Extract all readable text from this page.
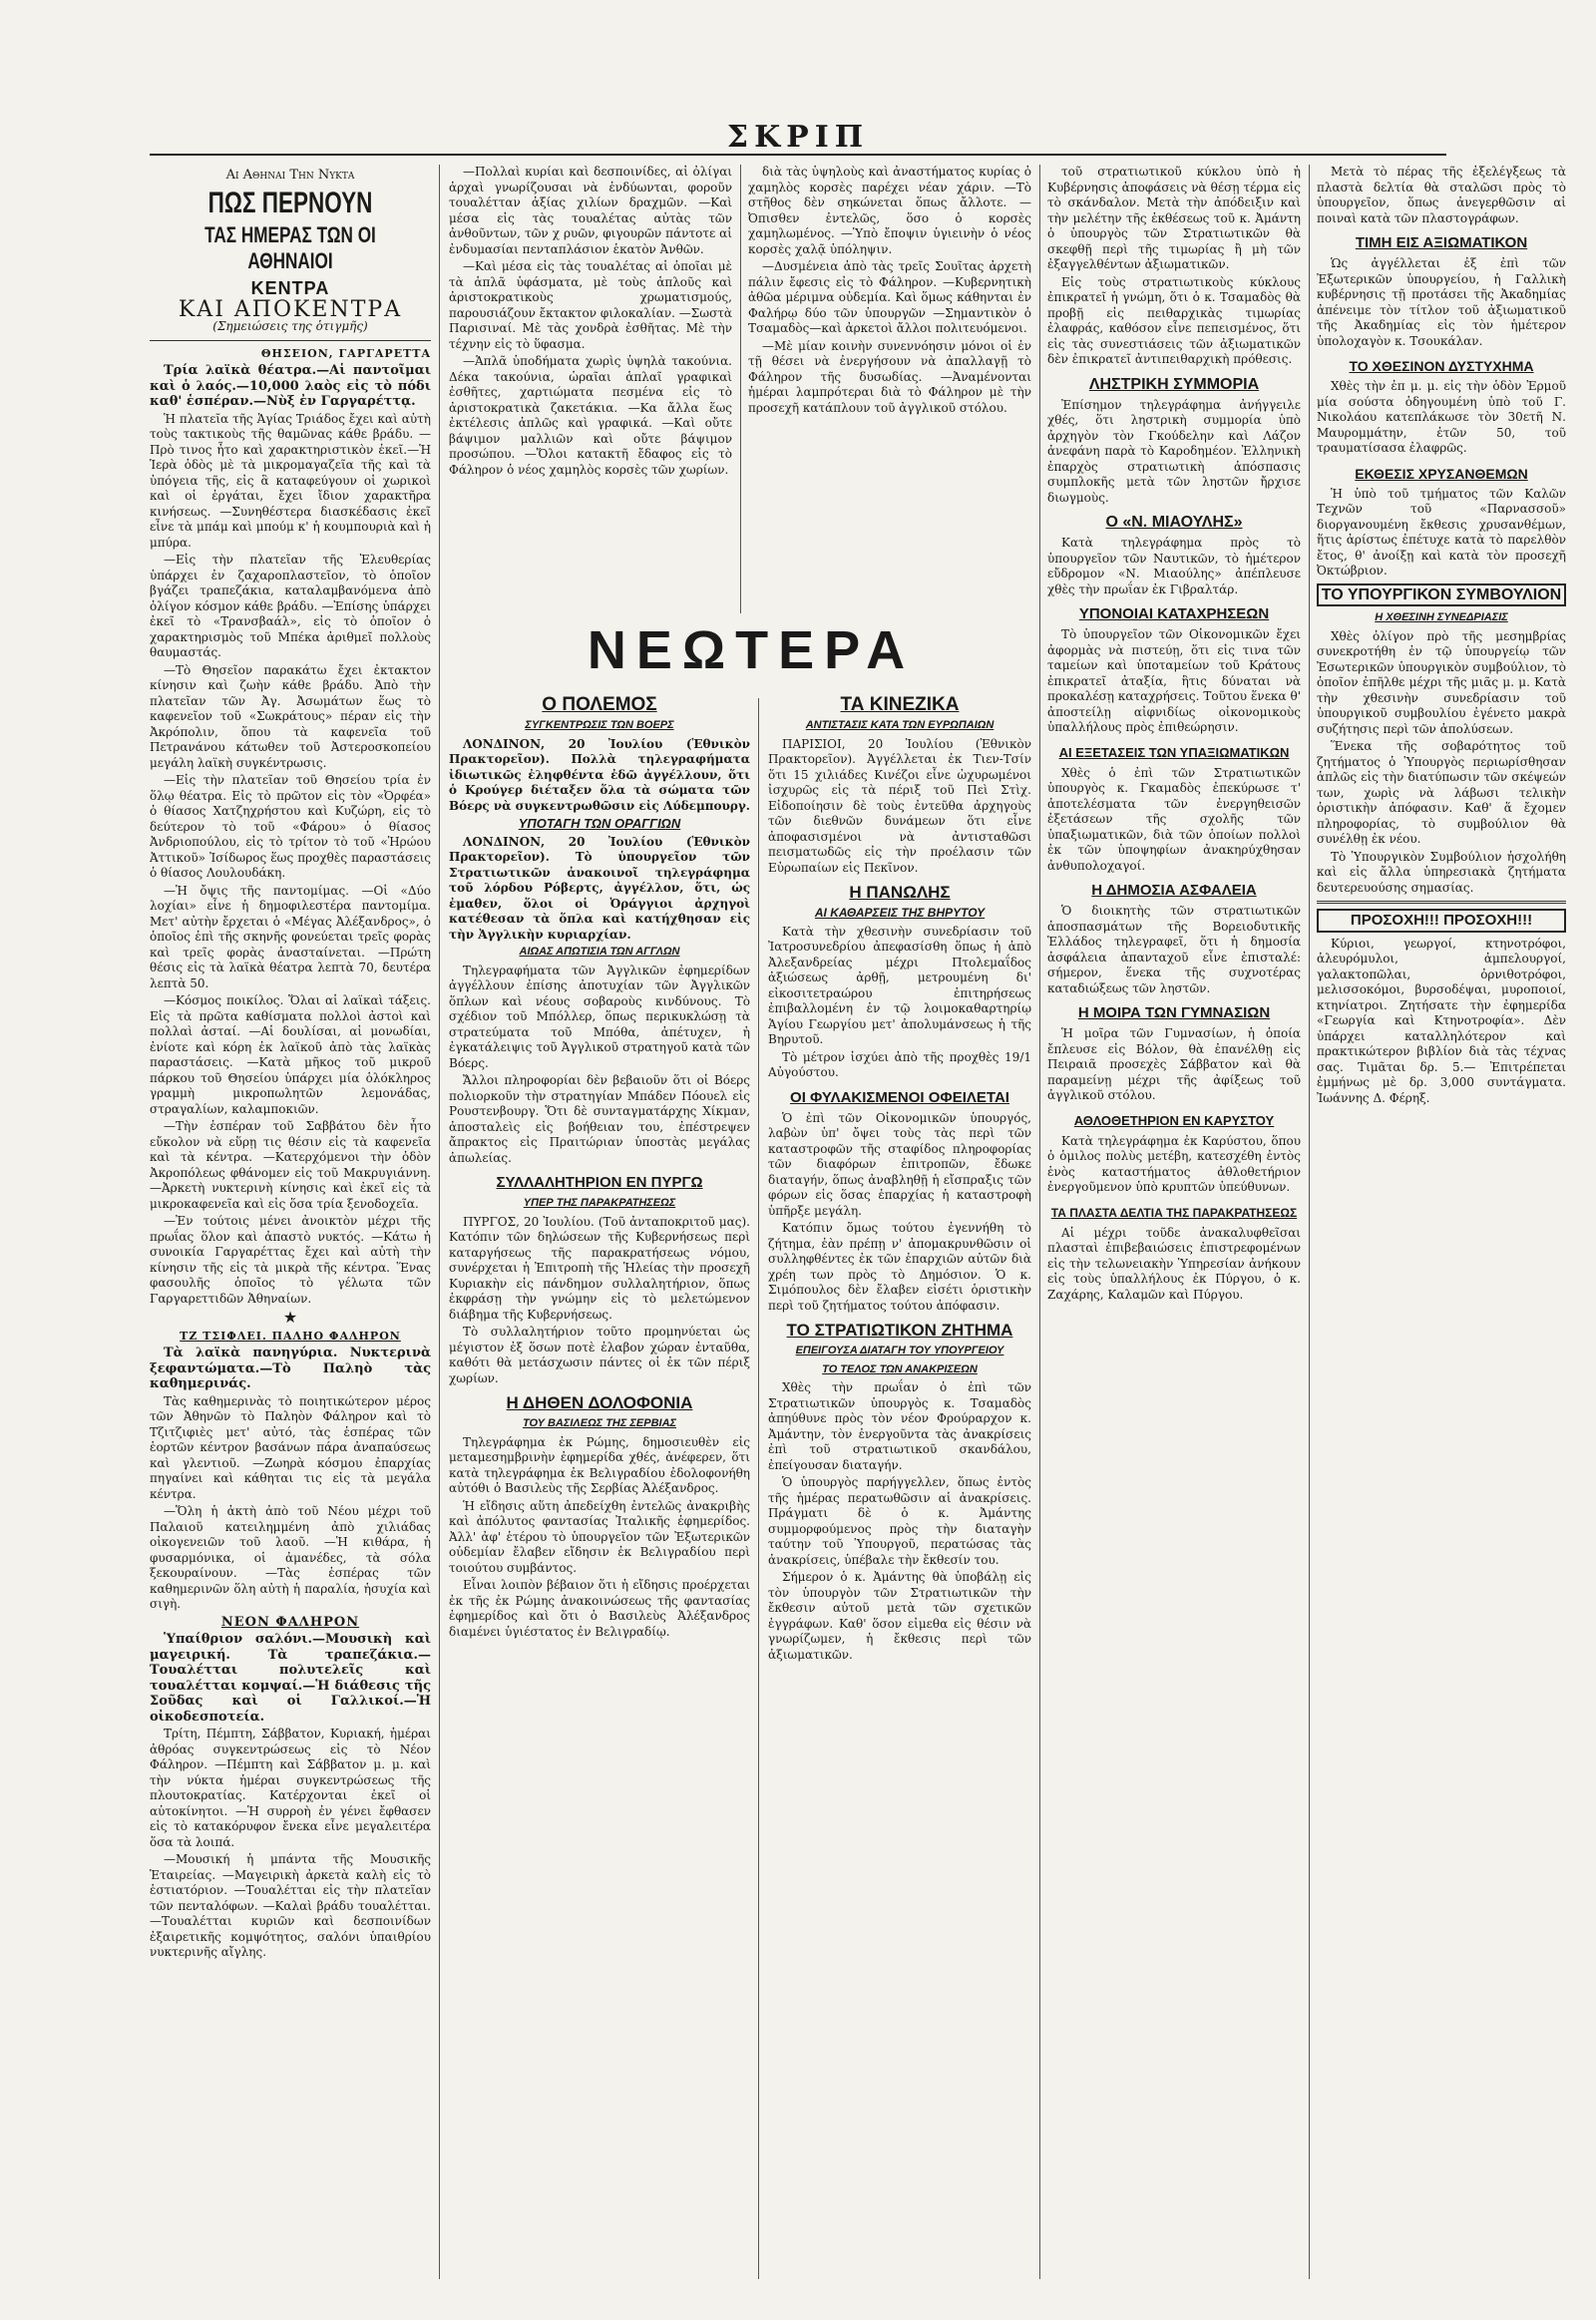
ΣΚΡΙΠ
Αι Αθηναι Την Νυκτα
ΠΩΣ ΠΕΡΝΟΥΝ
ΤΑΣ ΗΜΕΡΑΣ ΤΩΝ ΟΙ ΑΘΗΝΑΙΟΙ
ΚΕΝΤΡΑ
ΚΑΙ ΑΠΟΚΕΝΤΡΑ
(Σημειώσεις της ὁτιγμῆς)
ΘΗΣΕΙΟΝ, ΓΑΡΓΑΡΕΤΤΑ

Τρία λαϊκὰ θέατρα.—Αἱ παντοῖμαι καὶ ὁ λαός.—10,000 λαὸς εἰς τὸ πόδι καθ' ἑσπέραν.—Νὺξ ἐν Γαργαρέττᾳ.

Ἡ πλατεῖα τῆς Ἁγίας Τριάδος ἔχει καὶ αὐτὴ τοὺς τακτικοὺς τῆς θαμῶνας κάθε βράδυ. —Πρὸ τινος ἦτο καὶ χαρακτηριστικὸν ἐκεῖ.—Ἡ Ἱερὰ ὁδὸς μὲ τὰ μικρομαγαζεῖα τῆς καὶ τὰ ὑπόγεια τῆς, εἰς ἃ καταφεύγουν οἱ χωρικοὶ καὶ οἱ ἐργάται, ἔχει ἴδιον χαρακτῆρα κινήσεως. —Συνηθέστερα διασκέδασις ἐκεῖ εἶνε τὰ μπάμ καὶ μπούμ κ' ἡ κουμπουριὰ καὶ ἡ μπύρα.

—Εἰς τὴν πλατεῖαν τῆς Ἐλευθερίας ὑπάρχει ἐν ζαχαροπλαστεῖον, τὸ ὁποῖον βγάζει τραπεζάκια, καταλαμβανόμενα ἀπὸ ὀλίγον κόσμον κάθε βράδυ. —Ἐπίσης ὑπάρχει ἐκεῖ τὸ «Τρανσβαάλ», εἰς τὸ ὁποῖον ὁ χαρακτηρισμὸς τοῦ Μπέκα ἀριθμεῖ πολλοὺς θαυμαστάς.

—Τὸ Θησεῖον παρακάτω ἔχει ἐκτακτον κίνησιν καὶ ζωὴν κάθε βράδυ. Ἀπὸ τὴν πλατεῖαν τῶν Ἀγ. Ἀσωμάτων ἕως τὸ καφενεῖον τοῦ «Σωκράτους» πέραν εἰς τὴν Ἀκρόπολιν, ὅπου τὰ καφενεῖα τοῦ Πετρανάνου κάτωθεν τοῦ Ἀστεροσκοπείου μεγάλη λαϊκὴ συγκέντρωσις.

—Εἰς τὴν πλατεῖαν τοῦ Θησείου τρία ἐν ὅλῳ θέατρα. Εἰς τὸ πρῶτον εἰς τὸν «Ὀρφέα» ὁ θίασος Χατζηχρήστου καὶ Κυζώρη, εἰς τὸ δεύτερον τὸ τοῦ «Φάρου» ὁ θίασος Ἀνδριοπούλου, εἰς τὸ τρίτον τὸ τοῦ «Ἡρώου Ἀττικοῦ» Ἰσίδωρος ἕως προχθὲς παραστάσεις ὁ θίασος Λουλουδάκη.

—Ἡ ὄψις τῆς παντομίμας. —Οἱ «Δύο λοχίαι» εἶνε ἡ δημοφιλεστέρα παντομίμα. Μετ' αὐτὴν ἔρχεται ὁ «Μέγας Ἀλέξανδρος», ὁ ὁποῖος ἐπὶ τῆς σκηνῆς φονεύεται τρεῖς φορὰς καὶ τρεῖς φορὰς ἀνασταίνεται. —Πρώτη θέσις εἰς τὰ λαϊκὰ θέατρα λεπτὰ 70, δευτέρα λεπτὰ 50.

—Κόσμος ποικίλος. Ὅλαι αἱ λαϊκαὶ τάξεις. Εἰς τὰ πρῶτα καθίσματα πολλοὶ ἀστοὶ καὶ πολλαὶ ἀσταί. —Αἱ δουλίσαι, αἱ μονωδίαι, ἐνίοτε καὶ κόρη ἐκ λαϊκοῦ ἀπὸ τὰς λαϊκὰς παραστάσεις. —Κατὰ μῆκος τοῦ μικροῦ πάρκου τοῦ Θησείου ὑπάρχει μία ὁλόκληρος γραμμὴ μικροπωλητῶν λεμονάδας, στραγαλίων, καλαμποκιῶν.

—Τὴν ἑσπέραν τοῦ Σαββάτου δὲν ἦτο εὔκολον νὰ εὕρῃ τις θέσιν εἰς τὰ καφενεῖα καὶ τὰ κέντρα. —Κατερχόμενοι τὴν ὁδὸν Ἀκροπόλεως φθάνομεν εἰς τοῦ Μακρυγιάννη. —Ἀρκετὴ νυκτερινὴ κίνησις καὶ ἐκεῖ εἰς τὰ μικροκαφενεῖα καὶ εἰς ὅσα τρία ξενοδοχεῖα.

—Ἐν τούτοις μένει ἀνοικτὸν μέχρι τῆς πρωΐας ὅλον καὶ ἀπαστὸ νυκτός. —Κάτω ἡ συνοικία Γαργαρέττας ἔχει καὶ αὐτὴ τὴν κίνησιν τῆς εἰς τὰ μικρὰ τῆς κέντρα. Ἕνας φασουλῆς ὁποῖος τὸ γέλωτα τῶν Γαργαρεττιδῶν Ἀθηναίων.

★
ΤΖ ΤΣΙΦΛΕΙ. ΠΑΛΗΟ ΦΑΛΗΡΟΝ

Τὰ λαϊκὰ πανηγύρια. Νυκτερινὰ ξεφαντώματα.—Τὸ Παληὸ τὰς καθημερινάς.

Τὰς καθημερινὰς τὸ ποιητικώτερον μέρος τῶν Ἀθηνῶν τὸ Παληὸν Φάληρον καὶ τὸ Τζιτζιφιὲς μετ' αὐτό, τὰς ἑσπέρας τῶν ἑορτῶν κέντρον βασάνων πάρα ἀναπαύσεως καὶ γλεντιοῦ. —Ζωηρὰ κόσμου ἐπαρχίας πηγαίνει καὶ κάθηται τις εἰς τὰ μεγάλα κέντρα.

—Ὅλη ἡ ἀκτὴ ἀπὸ τοῦ Νέου μέχρι τοῦ Παλαιοῦ κατειλημμένη ἀπὸ χιλιάδας οἰκογενειῶν τοῦ λαοῦ. —Ἡ κιθάρα, ἡ φυσαρμόνικα, οἱ ἀμανέδες, τὰ σόλα ξεκουραίνουν. —Τὰς ἑσπέρας τῶν καθημερινῶν ὅλη αὐτὴ ἡ παραλία, ἡσυχία καὶ σιγὴ.

ΝΕΟΝ ΦΑΛΗΡΟΝ

Ὑπαίθριον σαλόνι.—Μουσικὴ καὶ μαγειρική. Τὰ τραπεζάκια.—Τουαλέτται πολυτελεῖς καὶ τουαλέτται κομψαί.—Ἡ διάθεσις τῆς Σοῦδας καὶ οἱ Γαλλικοί.—Ἡ οἰκοδεσποτεία.

Τρίτη, Πέμπτη, Σάββατον, Κυριακή, ἡμέραι ἀθρόας συγκεντρώσεως εἰς τὸ Νέον Φάληρον. —Πέμπτη καὶ Σάββατον μ. μ. καὶ τὴν νύκτα ἡμέραι συγκεντρώσεως τῆς πλουτοκρατίας. Κατέρχονται ἐκεῖ οἱ αὐτοκίνητοι. —Ἡ συρροὴ ἐν γένει ἔφθασεν εἰς τὸ κατακόρυφον ἔνεκα εἶνε μεγαλειτέρα ὅσα τὰ λοιπά.

—Μουσική ἡ μπάντα τῆς Μουσικῆς Ἑταιρείας. —Μαγειρικὴ ἀρκετὰ καλὴ εἰς τὸ ἑστιατόριον. —Τουαλέτται εἰς τὴν πλατεῖαν τῶν πενταλόφων. —Καλαὶ βράδυ τουαλέτται. —Τουαλέτται κυριῶν καὶ δεσποινίδων ἐξαιρετικῆς κομψότητος, σαλόνι ὑπαιθρίου νυκτερινῆς αἴγλης.

—Πολλαὶ κυρίαι καὶ δεσποινίδες, αἱ ὀλίγαι ἀρχαὶ γνωρίζουσαι νὰ ἐνδύωνται, φοροῦν τουαλέτταν ἀξίας χιλίων δραχμῶν. —Καὶ μέσα εἰς τὰς τουαλέτας αὐτὰς τῶν ἀνθοῦντων, τῶν χ ρυῶν, φιγουρῶν πάντοτε αἱ ἐνδυμασίαι πενταπλάσιον ἑκατὸν Ἀνθῶν.

—Καὶ μέσα εἰς τὰς τουαλέτας αἱ ὁποῖαι μὲ τὰ ἁπλᾶ ὑφάσματα, μὲ τοὺς ἁπλοῦς καὶ ἀριστοκρατικοὺς χρωματισμούς, παρουσιάζουν ἔκτακτον φιλοκαλίαν. —Σωστὰ Παρισιναί. Μὲ τὰς χονδρὰ ἐσθῆτας. Μὲ τὴν τέχνην εἰς τὸ ὕφασμα.

—Ἁπλᾶ ὑποδήματα χωρὶς ὑψηλὰ τακούνια. Δέκα τακούνια, ὡραῖαι ἁπλαῖ γραφικαὶ ἐσθῆτες, χαρτιώματα πεσμένα εἰς τὸ ἀριστοκρατικὰ ζακετάκια. —Κα ἄλλα ἕως ἐκτέλεσις ἁπλῶς καὶ γραφικά. —Καὶ οὔτε βάψιμον μαλλιῶν καὶ οὔτε βάψιμον προσώπου. —Ὅλοι κατακτῆ ἔδαφος εἰς τὸ Φάληρον ὁ νέος χαμηλὸς κορσὲς τῶν χωρίων.

διὰ τὰς ὑψηλοὺς καὶ ἀναστήματος κυρίας ὁ χαμηλὸς κορσὲς παρέχει νέαν χάριν. —Τὸ στῆθος δὲν σηκώνεται ὅπως ἄλλοτε. —Ὀπισθεν ἐντελῶς, ὅσο ὁ κορσὲς χαμηλωμένος. —Ὑπὸ ἔποψιν ὑγιεινὴν ὁ νέος κορσὲς χαλᾷ ὑπόληψιν.

—Δυσμένεια ἀπὸ τὰς τρεῖς Σουῖτας ἀρχετὴ πάλιν ἔφεσις εἰς τὸ Φάληρον. —Κυβερνητικὴ ἀθῶα μέριμνα οὐδεμία. Καὶ ὅμως κάθηνται ἐν Φαλήρῳ δύο τῶν ὑπουργῶν —Σημαντικὸν ὁ Τσαμαδὸς—καὶ ἀρκετοὶ ἄλλοι πολιτευόμενοι.

—Μὲ μίαν κοινὴν συνεννόησιν μόνοι οἱ ἐν τῇ θέσει νὰ ἐνεργήσουν νὰ ἀπαλλαγῇ τὸ Φάληρον τῆς δυσωδίας. —Ἀναμένονται ἡμέραι λαμπρότεραι διὰ τὸ Φάληρον μὲ τὴν προσεχῆ κατάπλουν τοῦ ἀγγλικοῦ στόλου.

ΝΕΩΤΕΡΑ
Ο ΠΟΛΕΜΟΣ
ΣΥΓΚΕΝΤΡΩΣΙΣ ΤΩΝ ΒΟΕΡΣ

ΛΟΝΔΙΝΟΝ, 20 Ἰουλίου (Ἐθνικὸν Πρακτορεῖον). Πολλὰ τηλεγραφήματα ἰδιωτικῶς ἐληφθέντα ἐδῶ ἀγγέλλουν, ὅτι ὁ Κρούγερ διέταξεν ὅλα τὰ σώματα τῶν Βόερς νὰ συγκεντρωθῶσιν εἰς Λύδεμπουργ.

ΥΠΟΤΑΓΗ ΤΩΝ ΟΡΑΓΓΙΩΝ

ΛΟΝΔΙΝΟΝ, 20 Ἰουλίου (Ἐθνικὸν Πρακτορεῖον). Τὸ ὑπουργεῖον τῶν Στρατιωτικῶν ἀνακοινοῖ τηλεγράφημα τοῦ λόρδου Ρόβερτς, ἀγγέλλον, ὅτι, ὡς ἐμαθεν, ὅλοι οἱ Ὀράγγιοι ἀρχηγοὶ κατέθεσαν τὰ ὅπλα καὶ κατήχθησαν εἰς τὴν Ἀγγλικὴν κυριαρχίαν.

ΑΙΩΑΣ ΑΠΩΤΙΣΙΑ ΤΩΝ ΑΓΓΛΩΝ

Τηλεγραφήματα τῶν Ἀγγλικῶν ἐφημερίδων ἀγγέλλουν ἐπίσης ἀποτυχίαν τῶν Ἀγγλικῶν ὅπλων καὶ νέους σοβαροὺς κινδύνους. Τὸ σχέδιον τοῦ Μπόλλερ, ὅπως περικυκλώσῃ τὰ στρατεύματα τοῦ Μπόθα, ἀπέτυχεν, ἡ ἐγκατάλειψις τοῦ Ἀγγλικοῦ στρατηγοῦ κατὰ τῶν Βόερς.

Ἄλλοι πληροφορίαι δὲν βεβαιοῦν ὅτι οἱ Βόερς πολιορκοῦν τὴν στρατηγίαν Μπάδεν Πόουελ εἰς Ρουστενβουργ. Ὅτι δὲ συνταγματάρχης Χίκμαν, ἀποσταλεὶς εἰς βοήθειαν του, ἐπέστρεψεν ἄπρακτος εἰς Πραιτώριαν ὑποστὰς μεγάλας ἀπωλείας.

ΣΥΛΛΑΛΗΤΗΡΙΟΝ ΕΝ ΠΥΡΓΩ
ΥΠΕΡ ΤΗΣ ΠΑΡΑΚΡΑΤΗΣΕΩΣ

ΠΥΡΓΟΣ, 20 Ἰουλίου. (Τοῦ ἀνταποκριτοῦ μας). Κατόπιν τῶν δηλώσεων τῆς Κυβερνήσεως περὶ καταργήσεως τῆς παρακρατήσεως νόμου, συνέρχεται ἡ Ἐπιτροπὴ τῆς Ἡλείας τὴν προσεχῆ Κυριακὴν εἰς πάνδημον συλλαλητήριον, ὅπως ἐκφράσῃ τὴν γνώμην εἰς τὸ μελετώμενον διάβημα τῆς Κυβερνήσεως.

Τὸ συλλαλητήριον τοῦτο προμηνύεται ὡς μέγιστον ἐξ ὅσων ποτὲ ἐλαβον χώραν ἐνταῦθα, καθότι θὰ μετάσχωσιν πάντες οἱ ἐκ τῶν πέριξ χωρίων.

Η ΔΗΘΕΝ ΔΟΛΟΦΟΝΙΑ
ΤΟΥ ΒΑΣΙΛΕΩΣ ΤΗΣ ΣΕΡΒΙΑΣ

Τηλεγράφημα ἐκ Ρώμης, δημοσιευθὲν εἰς μεταμεσημβρινὴν ἐφημερίδα χθές, ἀνέφερεν, ὅτι κατὰ τηλεγράφημα ἐκ Βελιγραδίου ἐδολοφονήθη αὐτόθι ὁ Βασιλεὺς τῆς Σερβίας Ἀλέξανδρος.

Ἡ εἴδησις αὕτη ἀπεδείχθη ἐντελῶς ἀνακριβὴς καὶ ἀπόλυτος φαντασίας Ἰταλικῆς ἐφημερίδος. Ἀλλ' ἀφ' ἑτέρου τὸ ὑπουργεῖον τῶν Ἐξωτερικῶν οὐδεμίαν ἔλαβεν εἴδησιν ἐκ Βελιγραδίου περὶ τοιούτου συμβάντος.

Εἶναι λοιπὸν βέβαιον ὅτι ἡ εἴδησις προέρχεται ἐκ τῆς ἐκ Ρώμης ἀνακοινώσεως τῆς φαντασίας ἐφημερίδος καὶ ὅτι ὁ Βασιλεὺς Ἀλέξανδρος διαμένει ὑγιέστατος ἐν Βελιγραδίῳ.

ΤΑ ΚΙΝΕΖΙΚΑ
ΑΝΤΙΣΤΑΣΙΣ ΚΑΤΑ ΤΩΝ ΕΥΡΩΠΑΙΩΝ

ΠΑΡΙΣΙΟΙ, 20 Ἰουλίου (Ἐθνικὸν Πρακτορεῖον). Ἀγγέλλεται ἐκ Τιεν-Τσίν ὅτι 15 χιλιάδες Κινέζοι εἶνε ὠχυρωμένοι ἰσχυρῶς εἰς τὰ πέριξ τοῦ Πεὶ Στὶχ. Εἰδοποίησιν δὲ τοὺς ἐντεῦθα ἀρχηγοὺς τῶν διεθνῶν δυνάμεων ὅτι εἶνε ἀποφασισμένοι νὰ ἀντισταθῶσι πεισματωδῶς εἰς τὴν προέλασιν τῶν Εὐρωπαίων εἰς Πεκῖνον.

Η ΠΑΝΩΛΗΣ
ΑΙ ΚΑΘΑΡΣΕΙΣ ΤΗΣ ΒΗΡΥΤΟΥ

Κατὰ τὴν χθεσινὴν συνεδρίασιν τοῦ Ἰατροσυνεδρίου ἀπεφασίσθη ὅπως ἡ ἀπὸ Ἀλεξανδρείας μέχρι Πτολεμαΐδος ἀξιώσεως ἀρθῇ, μετρουμένη δι' εἰκοσιτετραώρου ἐπιτηρήσεως ἐπιβαλλομένη ἐν τῷ λοιμοκαθαρτηρίῳ Ἁγίου Γεωργίου μετ' ἀπολυμάνσεως ἡ τῆς Βηρυτοῦ.

Τὸ μέτρον ἰσχύει ἀπὸ τῆς προχθὲς 19/1 Αὐγούστου.

ΟΙ ΦΥΛΑΚΙΣΜΕΝΟΙ ΟΦΕΙΛΕΤΑΙ

Ὁ ἐπὶ τῶν Οἰκονομικῶν ὑπουργός, λαβὼν ὑπ' ὄψει τοὺς τὰς περὶ τῶν καταστροφῶν τῆς σταφίδος πληροφορίας τῶν διαφόρων ἐπιτροπῶν, ἔδωκε διαταγήν, ὅπως ἀναβληθῇ ἡ εἴσπραξις τῶν φόρων εἰς ὅσας ἐπαρχίας ἡ καταστροφὴ ὑπῆρξε μεγάλη.

Κατόπιν ὅμως τούτου ἐγεννήθη τὸ ζήτημα, ἐὰν πρέπῃ ν' ἀπομακρυνθῶσιν οἱ συλληφθέντες ἐκ τῶν ἐπαρχιῶν αὐτῶν διὰ χρέη των πρὸς τὸ Δημόσιον. Ὁ κ. Σιμόπουλος δὲν ἔλαβεν εἰσέτι ὁριστικὴν περὶ τοῦ ζητήματος τούτου ἀπόφασιν.

ΤΟ ΣΤΡΑΤΙΩΤΙΚΟΝ ΖΗΤΗΜΑ
ΕΠΕΙΓΟΥΣΑ ΔΙΑΤΑΓΗ ΤΟΥ ΥΠΟΥΡΓΕΙΟΥ
ΤΟ ΤΕΛΟΣ ΤΩΝ ΑΝΑΚΡΙΣΕΩΝ

Χθὲς τὴν πρωΐαν ὁ ἐπὶ τῶν Στρατιωτικῶν ὑπουργὸς κ. Τσαμαδὸς ἀπηύθυνε πρὸς τὸν νέον Φρούραρχον κ. Ἀμάντην, τὸν ἐνεργοῦντα τὰς ἀνακρίσεις ἐπὶ τοῦ στρατιωτικοῦ σκανδάλου, ἐπείγουσαν διαταγήν.

Ὁ ὑπουργὸς παρήγγελλεν, ὅπως ἐντὸς τῆς ἡμέρας περατωθῶσιν αἱ ἀνακρίσεις. Πράγματι δὲ ὁ κ. Ἀμάντης συμμορφούμενος πρὸς τὴν διαταγὴν ταύτην τοῦ Ὑπουργοῦ, περατώσας τὰς ἀνακρίσεις, ὑπέβαλε τὴν ἔκθεσίν του.

Σήμερον ὁ κ. Ἀμάντης θὰ ὑποβάλῃ εἰς τὸν ὑπουργὸν τῶν Στρατιωτικῶν τὴν ἔκθεσιν αὐτοῦ μετὰ τῶν σχετικῶν ἐγγράφων. Καθ' ὅσον εἰμεθα εἰς θέσιν νὰ γνωρίζωμεν, ἡ ἔκθεσις περὶ τῶν ἀξιωματικῶν.

τοῦ στρατιωτικοῦ κύκλου ὑπὸ ἡ Κυβέρνησις ἀποφάσεις νὰ θέσῃ τέρμα εἰς τὸ σκάνδαλον. Μετὰ τὴν ἀπόδειξιν καὶ τὴν μελέτην τῆς ἐκθέσεως τοῦ κ. Ἀμάντη ὁ ὑπουργὸς τῶν Στρατιωτικῶν θὰ σκεφθῇ περὶ τῆς τιμωρίας ἢ μὴ τῶν ἐξαγγελθέντων ἀξιωματικῶν.

Εἰς τοὺς στρατιωτικοὺς κύκλους ἐπικρατεῖ ἡ γνώμη, ὅτι ὁ κ. Τσαμαδὸς θὰ προβῇ εἰς πειθαρχικὰς τιμωρίας ἐλαφράς, καθόσον εἶνε πεπεισμένος, ὅτι εἰς τὰς συνεστιάσεις τῶν ἀξιωματικῶν δὲν ἐπικρατεῖ ἀντιπειθαρχικὴ πρόθεσις.

ΛΗΣΤΡΙΚΗ ΣΥΜΜΟΡΙΑ

Ἐπίσημον τηλεγράφημα ἀνήγγειλε χθές, ὅτι ληστρικὴ συμμορία ὑπὸ ἀρχηγὸν τὸν Γκούδελην καὶ Λάζον ἀνεφάνη παρὰ τὸ Καροδημέον. Ἐλληνικὴ ἐπαρχὸς στρατιωτικὴ ἀπόσπασις συμπλοκῆς μετὰ τῶν ληστῶν ἤρχισε διωγμοὺς.

Ο «Ν. ΜΙΑΟΥΛΗΣ»

Κατὰ τηλεγράφημα πρὸς τὸ ὑπουργεῖον τῶν Ναυτικῶν, τὸ ἡμέτερον εὔδρομον «Ν. Μιαούλης» ἀπέπλευσε χθὲς τὴν πρωΐαν ἐκ Γιβραλτάρ.

ΥΠΟΝΟΙΑΙ ΚΑΤΑΧΡΗΣΕΩΝ

Τὸ ὑπουργεῖον τῶν Οἰκονομικῶν ἔχει ἀφορμὰς νὰ πιστεύῃ, ὅτι εἰς τινα τῶν ταμείων καὶ ὑποταμείων τοῦ Κράτους ἐπικρατεῖ ἀταξία, ἣτις δύναται νὰ προκαλέσῃ καταχρήσεις. Τοῦτου ἕνεκα θ' ἀποστείλῃ αἰφνιδίως οἰκονομικοὺς ὑπαλλήλους πρὸς ἐπιθεώρησιν.

ΑΙ ΕΞΕΤΑΣΕΙΣ ΤΩΝ ΥΠΑΞΙΩΜΑΤΙΚΩΝ

Χθὲς ὁ ἐπὶ τῶν Στρατιωτικῶν ὑπουργὸς κ. Γκαμαδὸς ἐπεκύρωσε τ' ἀποτελέσματα τῶν ἐνεργηθεισῶν ἐξετάσεων τῆς σχολῆς τῶν ὑπαξιωματικῶν, διὰ τῶν ὁποίων πολλοὶ ἐκ τῶν ὑποψηφίων ἀνακηρύχθησαν ἀνθυπολοχαγοί.

Η ΔΗΜΟΣΙΑ ΑΣΦΑΛΕΙΑ

Ὁ διοικητὴς τῶν στρατιωτικῶν ἀποσπασμάτων τῆς Βορειοδυτικῆς Ἑλλάδος τηλεγραφεῖ, ὅτι ἡ δημοσία ἀσφάλεια ἀπανταχοῦ εἶνε ἐπισταλέ: σήμερον, ἕνεκα τῆς συχνοτέρας καταδιώξεως τῶν ληστῶν.

Η ΜΟΙΡΑ ΤΩΝ ΓΥΜΝΑΣΙΩΝ

Ἡ μοῖρα τῶν Γυμνασίων, ἡ ὁποία ἔπλευσε εἰς Βόλον, θὰ ἐπανέλθῃ εἰς Πειραιᾶ προσεχὲς Σάββατον καὶ θὰ παραμείνῃ μέχρι τῆς ἀφίξεως τοῦ ἀγγλικοῦ στόλου.

ΑΘΛΟΘΕΤΗΡΙΟΝ ΕΝ ΚΑΡΥΣΤΟΥ

Κατὰ τηλεγράφημα ἐκ Καρύστου, ὅπου ὁ ὁμιλος πολὺς μετέβη, κατεσχέθη ἐντὸς ἑνὸς καταστήματος ἀθλοθετήριον ἐνεργοῦμενον ὑπὸ κρυπτῶν ὑπεύθυνων.

ΤΑ ΠΛΑΣΤΑ ΔΕΛΤΙΑ ΤΗΣ ΠΑΡΑΚΡΑΤΗΣΕΩΣ

Αἱ μέχρι τοῦδε ἀνακαλυφθεῖσαι πλασταὶ ἐπιβεβαιώσεις ἐπιστρεφομένων εἰς τὴν τελωνειακὴν Ὑπηρεσίαν ἀνήκουν εἰς τοὺς ὑπαλλήλους ἐκ Πύργου, ὁ κ. Ζαχάρης, Καλαμῶν καὶ Πύργου.

Μετὰ τὸ πέρας τῆς ἐξελέγξεως τὰ πλαστὰ δελτία θὰ σταλῶσι πρὸς τὸ ὑπουργεῖον, ὅπως ἀνεγερθῶσιν αἱ ποιναὶ κατὰ τῶν πλαστογράφων.

ΤΙΜΗ ΕΙΣ ΑΞΙΩΜΑΤΙΚΟΝ

Ὡς ἀγγέλλεται ἐξ ἐπὶ τῶν Ἐξωτερικῶν ὑπουργείου, ἡ Γαλλικὴ κυβέρνησις τῇ προτάσει τῆς Ἀκαδημίας ἀπένειμε τὸν τίτλον τοῦ ἀξιωματικοῦ τῆς Ἀκαδημίας εἰς τὸν ἡμέτερον ὑπολοχαγὸν κ. Τσουκάλαν.

ΤΟ ΧΘΕΣΙΝΟΝ ΔΥΣΤΥΧΗΜΑ

Χθὲς τὴν ἐπ μ. μ. εἰς τὴν ὁδὸν Ἑρμοῦ μία σούστα ὁδηγουμένη ὑπὸ τοῦ Γ. Νικολάου κατεπλάκωσε τὸν 30ετῆ Ν. Μαυρομμάτην, ἐτῶν 50, τοῦ τραυματίσασα ἐλαφρῶς.

ΕΚΘΕΣΙΣ ΧΡΥΣΑΝΘΕΜΩΝ

Ἡ ὑπὸ τοῦ τμήματος τῶν Καλῶν Τεχνῶν τοῦ «Παρνασσοῦ» διοργανουμένη ἔκθεσις χρυσανθέμων, ἥτις ἀρίστως ἐπέτυχε κατὰ τὸ παρελθὸν ἔτος, θ' ἀνοίξῃ καὶ κατὰ τὸν προσεχῆ Ὀκτώβριον.

ΤΟ ΥΠΟΥΡΓΙΚΟΝ ΣΥΜΒΟΥΛΙΟΝ
Η ΧΘΕΣΙΝΗ ΣΥΝΕΔΡΙΑΣΙΣ

Χθὲς ὀλίγον πρὸ τῆς μεσημβρίας συνεκροτήθη ἐν τῷ ὑπουργείῳ τῶν Ἐσωτερικῶν ὑπουργικὸν συμβούλιον, τὸ ὁποῖον ἐπῆλθε μέχρι τῆς μιᾶς μ. μ. Κατὰ τὴν χθεσινὴν συνεδρίασιν τοῦ ὑπουργικοῦ συμβουλίου ἐγένετο μακρὰ συζήτησις περὶ τῶν ἀπολύσεων.

Ἕνεκα τῆς σοβαρότητος τοῦ ζητήματος ὁ Ὑπουργὸς περιωρίσθησαν ἁπλῶς εἰς τὴν διατύπωσιν τῶν σκέψεών των, χωρὶς νὰ λάβωσι τελικὴν ὁριστικὴν ἀπόφασιν. Καθ' ἅ ἔχομεν πληροφορίας, τὸ συμβούλιον θὰ συνέλθῃ ἐκ νέου.

Τὸ Ὑπουργικὸν Συμβούλιον ἠσχολήθη καὶ εἰς ἄλλα ὑπηρεσιακὰ ζητήματα δευτερευούσης σημασίας.

ΠΡΟΣΟΧΗ!!! ΠΡΟΣΟΧΗ!!!

Κύριοι, γεωργοί, κτηνοτρόφοι, ἀλευρόμυλοι, ἀμπελουργοί, γαλακτοπῶλαι, ὀρνιθοτρόφοι, μελισσοκόμοι, βυρσοδέψαι, μυροποιοί, κτηνίατροι. Ζητήσατε τὴν ἐφημερίδα «Γεωργία καὶ Κτηνοτροφία». Δὲν ὑπάρχει καταλληλότερον καὶ πρακτικώτερον βιβλίον διὰ τὰς τέχνας σας. Τιμᾶται δρ. 5.— Ἐπιτρέπεται ἐμμήνως μὲ δρ. 3,000 συντάγματα. Ἰωάννης Δ. Φέρηξ.
